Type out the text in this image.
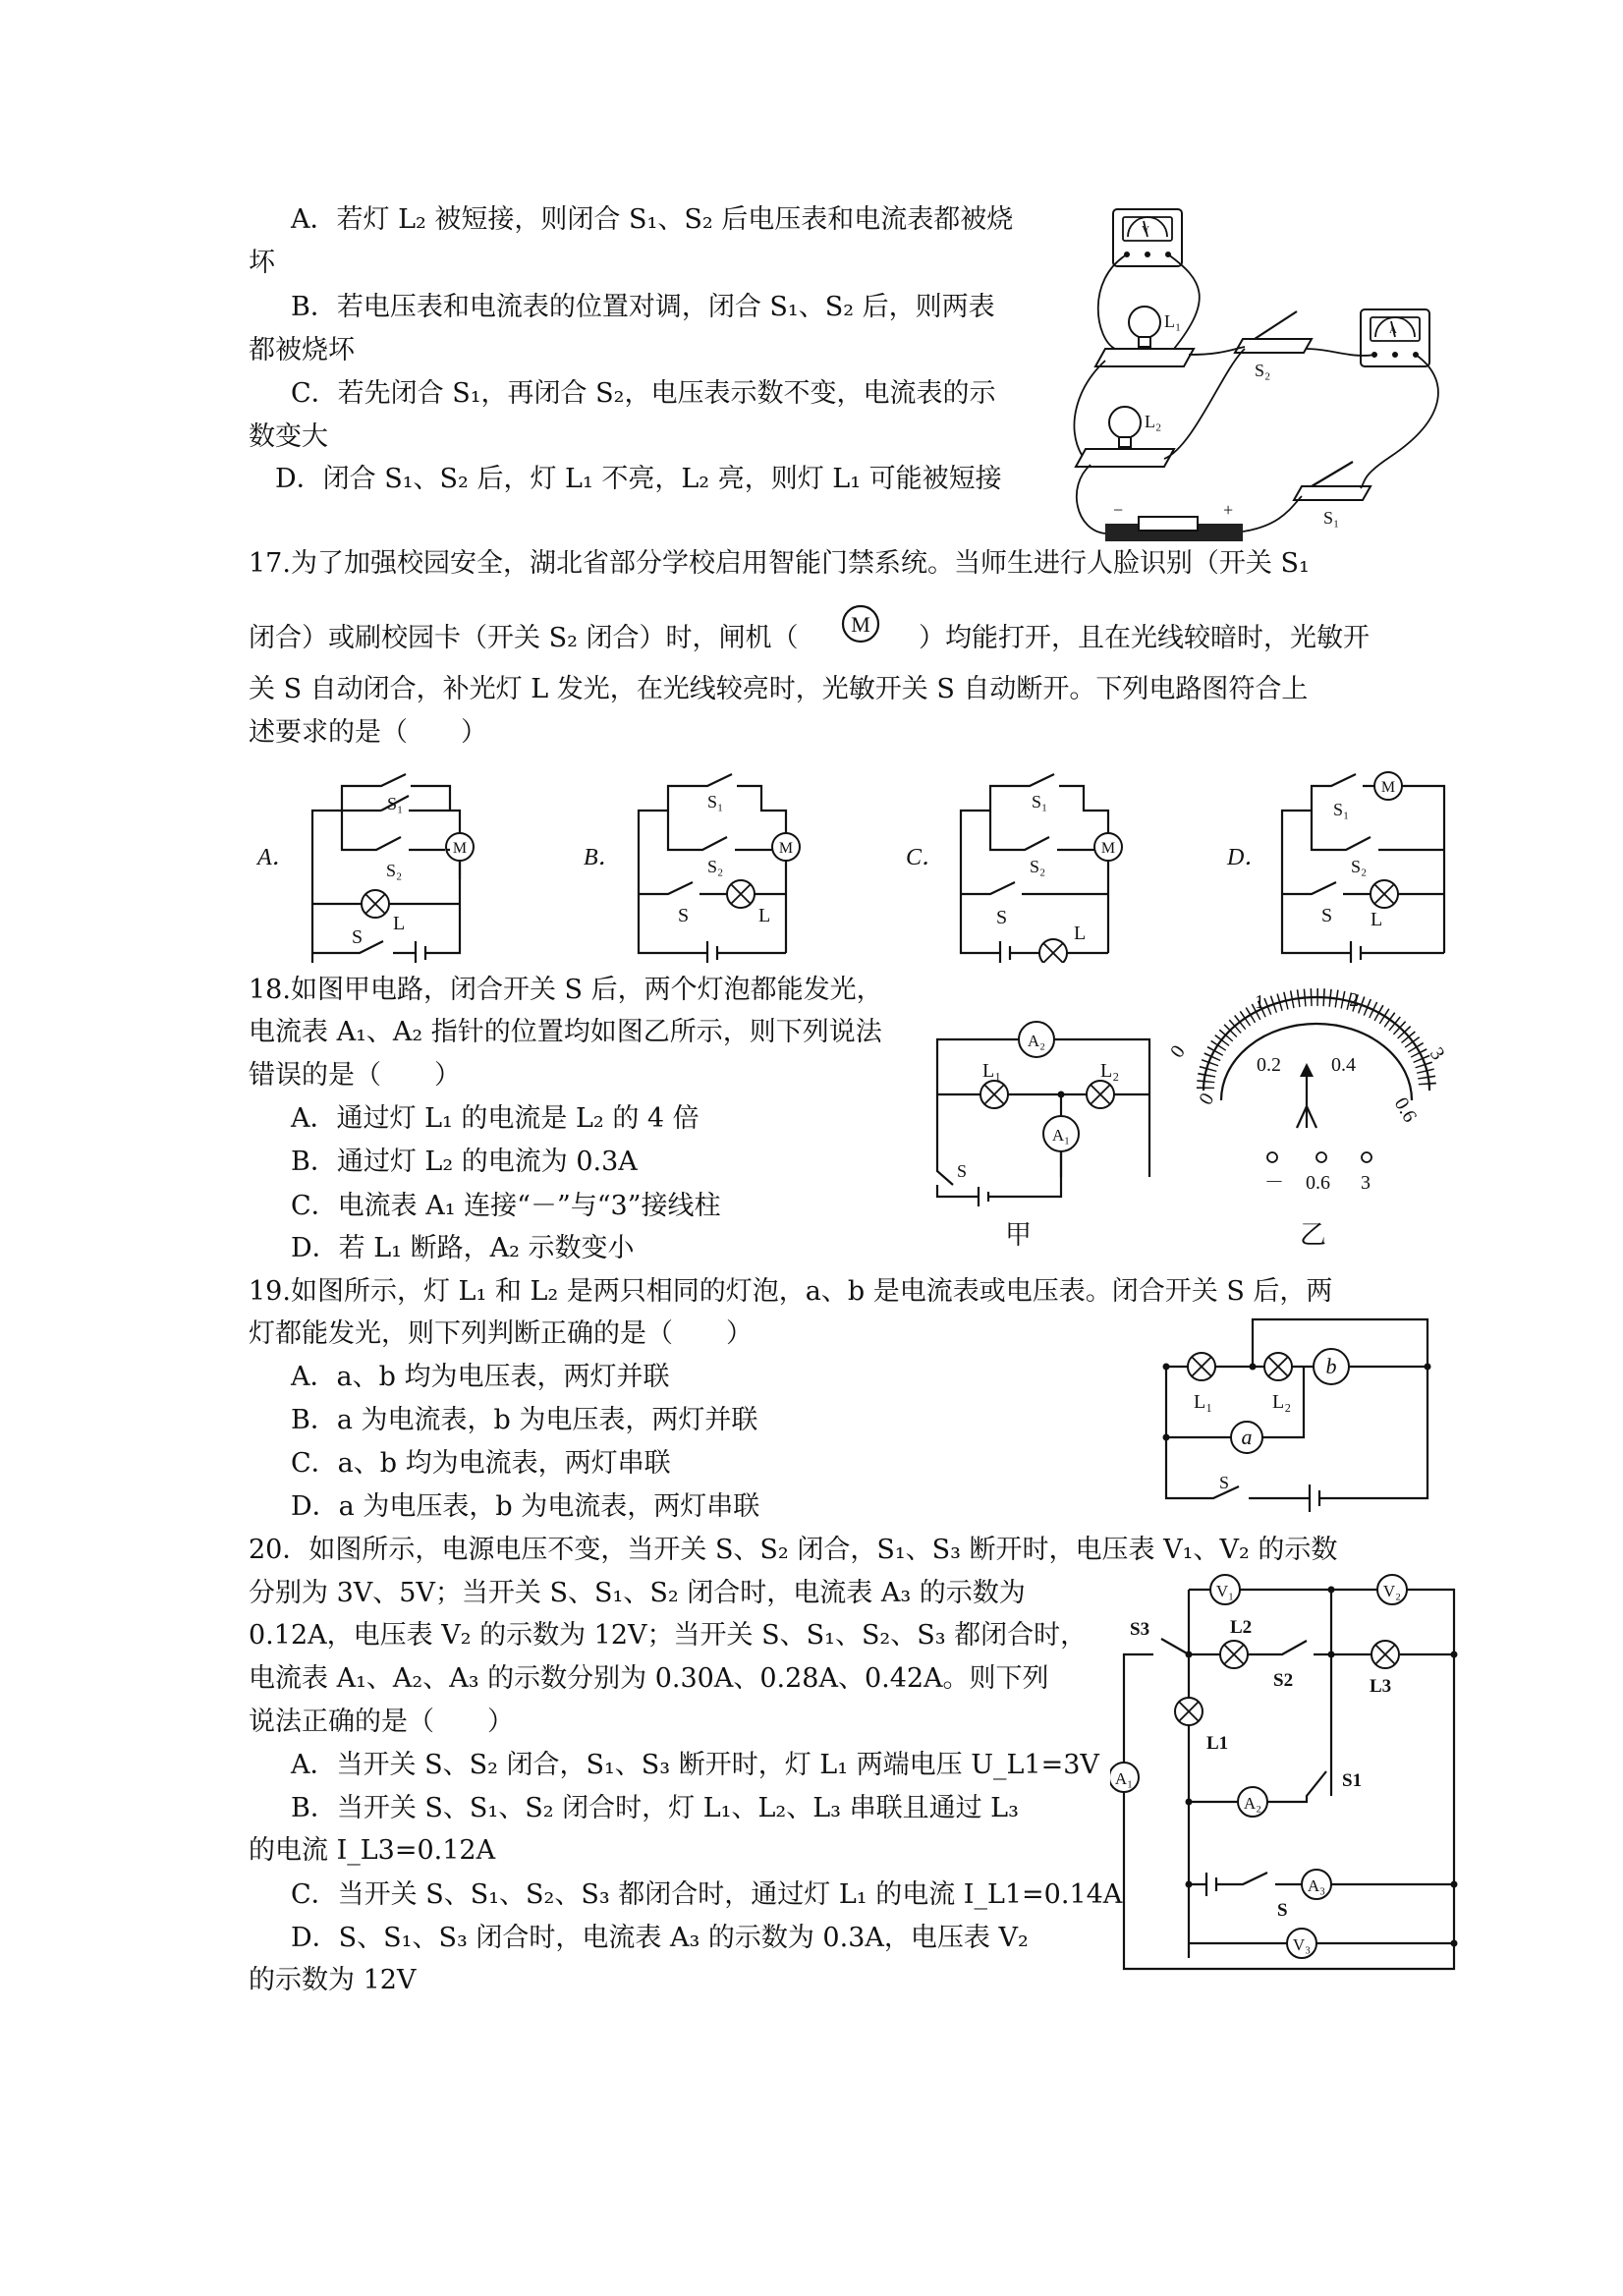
A．若灯 L₂ 被短接，则闭合 S₁、S₂ 后电压表和电流表都被烧
坏
B．若电压表和电流表的位置对调，闭合 S₁、S₂ 后，则两表
都被烧坏
C．若先闭合 S₁，再闭合 S₂，电压表示数不变，电流表的示
数变大
D．闭合 S₁、S₂ 后，灯 L₁ 不亮，L₂ 亮，则灯 L₁ 可能被短接
V
A
L₁
S₂
L₂
S₁
−	+
17.为了加强校园安全，湖北省部分学校启用智能门禁系统。当师生进行人脸识别（开关 S₁
闭合）或刷校园卡（开关 S₂ 闭合）时，闸机（ M ）均能打开，且在光线较暗时，光敏开
关 S 自动闭合，补光灯 L 发光，在光线较亮时，光敏开关 S 自动断开。下列电路图符合上
述要求的是（　　）
A．	M
S₁
S₂
L
S
B．	M
S₁
S₂
S	L
C．	M
S₁
S₂
S
L
D．
M
S₁
S₂
S L
18.如图甲电路，闭合开关 S 后，两个灯泡都能发光，
电流表 A₁、A₂ 指针的位置均如图乙所示，则下列说法
错误的是（　　）
A．通过灯 L₁ 的电流是 L₂ 的 4 倍
B．通过灯 L₂ 的电流为 0.3A
C．电流表 A₁ 连接“－”与“3”接线柱
D．若 L₁ 断路，A₂ 示数变小
A₂
A₁
L₁	L₂
S
甲
0
1	2
3
0
0.2	0.4
0.6
－ 0.6 3
乙
19.如图所示，灯 L₁ 和 L₂ 是两只相同的灯泡，a、b 是电流表或电压表。闭合开关 S 后，两
灯都能发光，则下列判断正确的是（　　）
A．a、b 均为电压表，两灯并联
B．a 为电流表，b 为电压表，两灯并联
C．a、b 均为电流表，两灯串联
D．a 为电压表，b 为电流表，两灯串联
b
a
L₁	L₂
S
20．如图所示，电源电压不变，当开关 S、S₂ 闭合，S₁、S₃ 断开时，电压表 V₁、V₂ 的示数
分别为 3V、5V；当开关 S、S₁、S₂ 闭合时，电流表 A₃ 的示数为
0.12A，电压表 V₂ 的示数为 12V；当开关 S、S₁、S₂、S₃ 都闭合时，
电流表 A₁、A₂、A₃ 的示数分别为 0.30A、0.28A、0.42A。则下列
说法正确的是（　　）
A．当开关 S、S₂ 闭合，S₁、S₃ 断开时，灯 L₁ 两端电压 U_L1=3V
B．当开关 S、S₁、S₂ 闭合时，灯 L₁、L₂、L₃ 串联且通过 L₃
的电流 I_L3=0.12A
C．当开关 S、S₁、S₂、S₃ 都闭合时，通过灯 L₁ 的电流 I_L1=0.14A
D．S、S₁、S₃ 闭合时，电流表 A₃ 的示数为 0.3A，电压表 V₂
的示数为 12V
V₁	V₂
A₁
A₂
A₃
V₃
S3	L2
S2	L3
L1
S1
S
